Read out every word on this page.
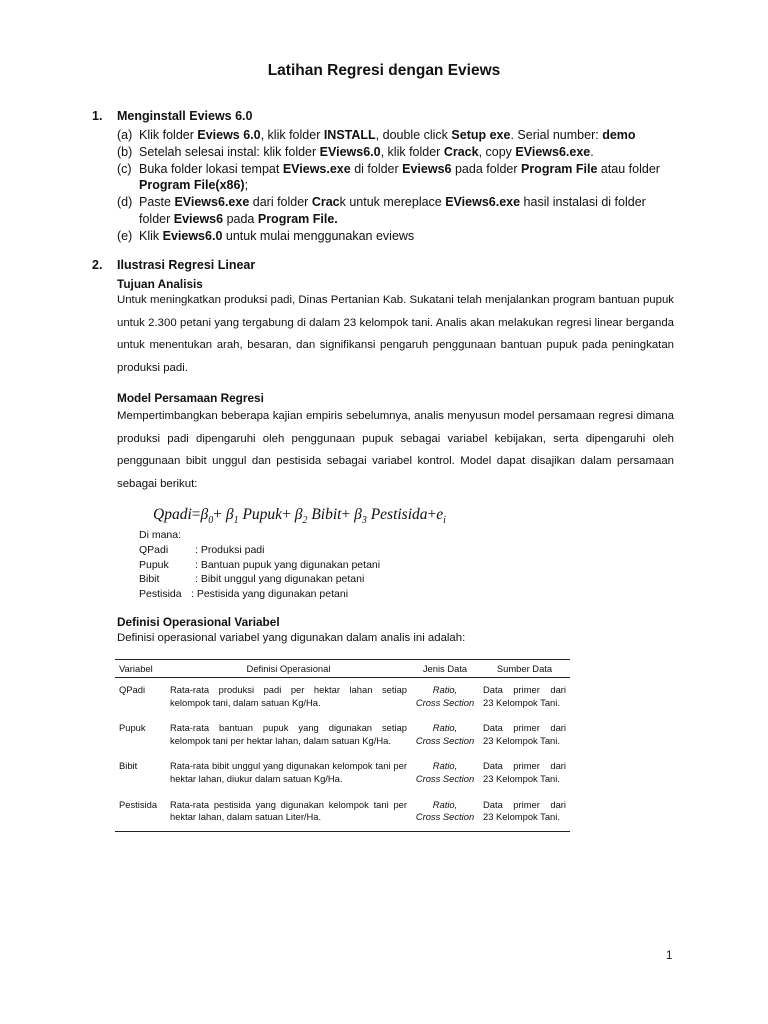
Latihan Regresi dengan Eviews
1. Menginstall Eviews 6.0
(a) Klik folder Eviews 6.0, klik folder INSTALL, double click Setup exe. Serial number: demo
(b) Setelah selesai instal: klik folder EViews6.0, klik folder Crack, copy EViews6.exe.
(c) Buka folder lokasi tempat EViews.exe di folder Eviews6 pada folder Program File atau folder Program File(x86);
(d) Paste EViews6.exe dari folder Crack untuk mereplace EViews6.exe hasil instalasi di folder folder Eviews6 pada Program File.
(e) Klik Eviews6.0 untuk mulai menggunakan eviews
2. Ilustrasi Regresi Linear
Tujuan Analisis
Untuk meningkatkan produksi padi, Dinas Pertanian Kab. Sukatani telah menjalankan program bantuan pupuk untuk 2.300 petani yang tergabung di dalam 23 kelompok tani. Analis akan melakukan regresi linear berganda untuk menentukan arah, besaran, dan signifikansi pengaruh penggunaan bantuan pupuk pada peningkatan produksi padi.
Model Persamaan Regresi
Mempertimbangkan beberapa kajian empiris sebelumnya, analis menyusun model persamaan regresi dimana produksi padi dipengaruhi oleh penggunaan pupuk sebagai variabel kebijakan, serta dipengaruhi oleh penggunaan bibit unggul dan pestisida sebagai variabel kontrol. Model dapat disajikan dalam persamaan sebagai berikut:
$Qpadi=\beta_0+ \beta_1$ Pupuk+ $\beta_2$ Bibit+ $\beta_3$ $Pestisida+e_i$
Di mana:
QPadi	:
Produksi padi
Pupuk	:
Bantuan pupuk yang digunakan petani
Bibit	:
Bibit unggul yang digunakan petani
Pestisida :
Pestisida yang digunakan petani
Definisi Operasional Variabel
Definisi operasional variabel yang digunakan dalam analis ini adalah:
Variabel	Definisi Operasional	Jenis Data	Sumber Data
QPadi	Rata-rata produksi padi per hektar lahan setiap kelompok tani, dalam satuan Kg/Ha.	Ratio,
Cross Section	Data primer dari
23 Kelompok Tani.

Pupuk	Rata-rata bantuan pupuk yang digunakan setiap kelompok tani per hektar lahan, dalam satuan Kg/Ha.	Ratio,
Cross Section	Data primer dari
23 Kelompok Tani.

Bibit	Rata-rata bibit unggul yang digunakan kelompok tani per hektar lahan, diukur dalam satuan Kg/Ha.	Ratio,
Cross Section	Data primer dari
23 Kelompok Tani.

Pestisida	Rata-rata pestisida yang digunakan kelompok tani per hektar lahan, dalam satuan Liter/Ha.	Ratio,
Cross Section	Data primer dari
23 Kelompok Tani.
1
